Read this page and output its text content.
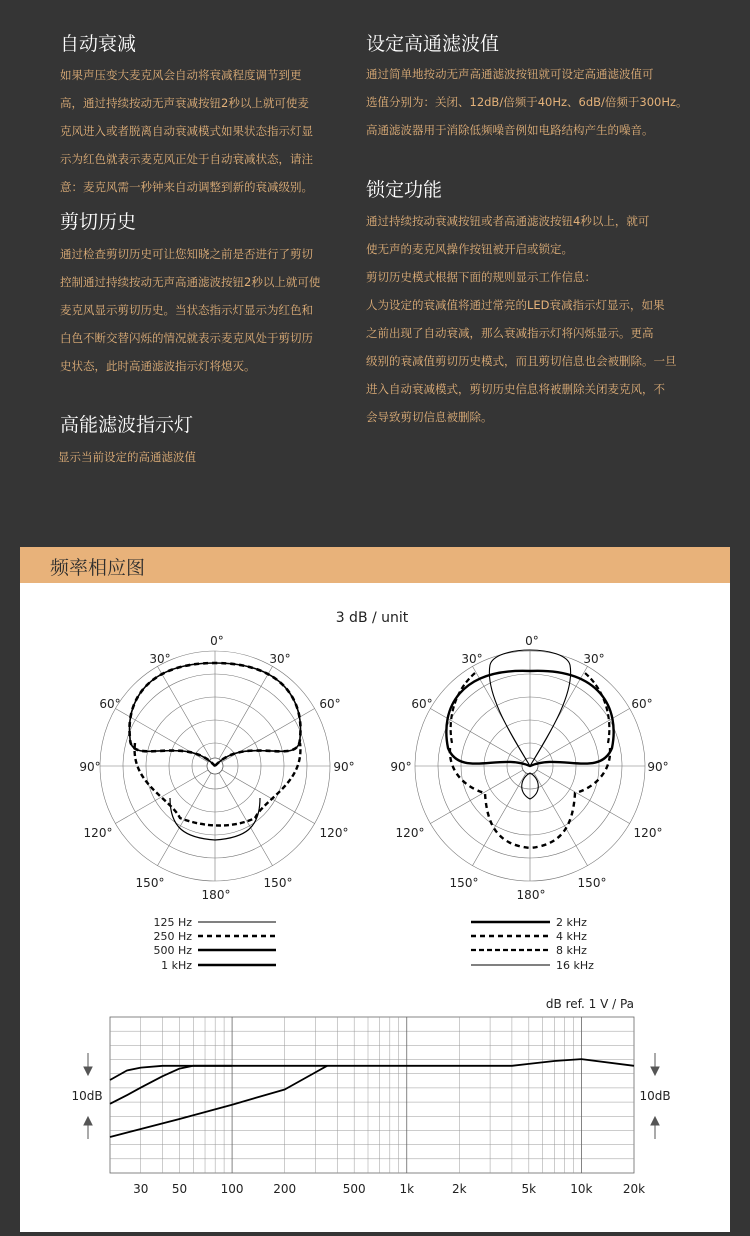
自动衰减
如果声压变大麦克风会自动将衰减程度调节到更
高，通过持续按动无声衰减按钮2秒以上就可使麦
克风进入或者脱离自动衰减模式如果状态指示灯显
示为红色就表示麦克风正处于自动衰减状态，请注
意：麦克风需一秒钟来自动调整到新的衰减级别。
剪切历史
通过检查剪切历史可让您知晓之前是否进行了剪切
控制通过持续按动无声高通滤波按钮2秒以上就可使
麦克风显示剪切历史。当状态指示灯显示为红色和
白色不断交替闪烁的情况就表示麦克风处于剪切历
史状态，此时高通滤波指示灯将熄灭。
高能滤波指示灯
显示当前设定的高通滤波值
设定高通滤波值
通过简单地按动无声高通滤波按钮就可设定高通滤波值可
选值分别为：关闭、12dB/倍频于40Hz、6dB/倍频于300Hz。
高通滤波器用于消除低频噪音例如电路结构产生的噪音。
锁定功能
通过持续按动衰减按钮或者高通滤波按钮4秒以上，就可
使无声的麦克风操作按钮被开启或锁定。
剪切历史模式根据下面的规则显示工作信息：
人为设定的衰减值将通过常亮的LED衰减指示灯显示，如果
之前出现了自动衰减，那么衰减指示灯将闪烁显示。更高
级别的衰减值剪切历史模式，而且剪切信息也会被删除。一旦
进入自动衰减模式，剪切历史信息将被删除关闭麦克风，不
会导致剪切信息被删除。
频率相应图
3 dB / unit
0°
30°	30°
60°	60°
90°	90°
120°	120°
150°	150°
180°
0°
30°	30°
60°	60°
90°	90°
120°	120°
150°	150°
180°
125 Hz
250 Hz
500 Hz
1 kHz
2 kHz
4 kHz
8 kHz
16 kHz
dB ref. 1 V / Pa
30 50	100 200	500	1k	2k	5k	10k	20k
10dB	10dB
